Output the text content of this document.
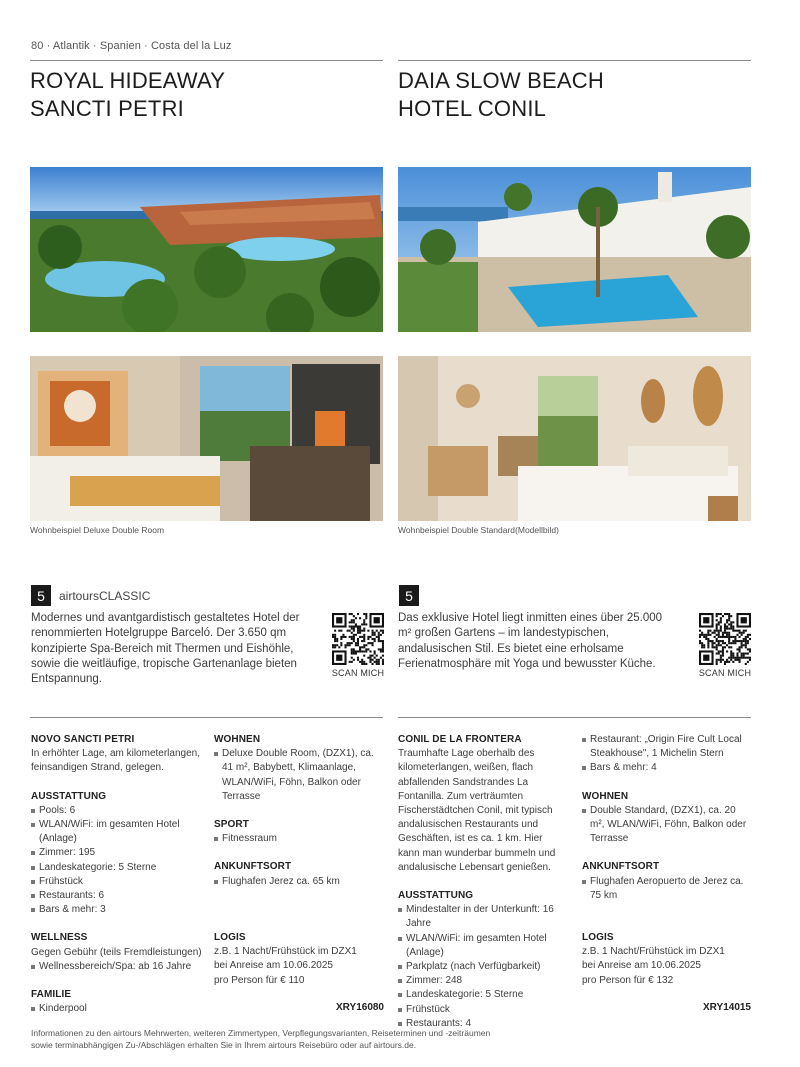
80 · Atlantik · Spanien · Costa del la Luz
ROYAL HIDEAWAY
SANCTI PETRI
DAIA SLOW BEACH
HOTEL CONIL
Wohnbeispiel Deluxe Double Room	Wohnbeispiel Double Standard(Modellbild)
5	airtoursCLASSIC	5
Modernes und avantgardistisch gestaltetes Hotel der renommierten Hotelgruppe Barceló. Der 3.650 qm konzipierte Spa-Bereich mit Thermen und Eishöhle, sowie die weitläufige, tropische Gartenanlage bieten Entspannung.
Das exklusive Hotel liegt inmitten eines über 25.000 m² großen Gartens – im landestypischen, andalusischen Stil. Es bietet eine erholsame Ferienatmosphäre mit Yoga und bewusster Küche.
SCAN MICH	SCAN MICH
NOVO SANCTI PETRI
In erhöhter Lage, am kilometerlangen, feinsandigen Strand, gelegen.
AUSSTATTUNG
Pools: 6
WLAN/WiFi: im gesamten Hotel (Anlage)
Zimmer: 195
Landeskategorie: 5 Sterne
Frühstück
Restaurants: 6
Bars & mehr: 3
WELLNESS
Gegen Gebühr (teils Fremdleistungen)
Wellnessbereich/Spa: ab 16 Jahre
FAMILIE
Kinderpool
WOHNEN
Deluxe Double Room, (DZX1), ca. 41 m², Babybett, Klimaanlage, WLAN/WiFi, Föhn, Balkon oder Terrasse
SPORT
Fitnessraum
ANKUNFTSORT
Flughafen Jerez ca. 65 km
LOGIS
z.B. 1 Nacht/Frühstück im DZX1
bei Anreise am 10.06.2025
pro Person für € 110
XRY16080
CONIL DE LA FRONTERA
Traumhafte Lage oberhalb des kilometerlangen, weißen, flach abfallenden Sandstrandes La Fontanilla. Zum verträumten Fischerstädtchen Conil, mit typisch andalusischen Restaurants und Geschäften, ist es ca. 1 km. Hier kann man wunderbar bummeln und andalusische Lebensart genießen.
AUSSTATTUNG
Mindestalter in der Unterkunft: 16 Jahre
WLAN/WiFi: im gesamten Hotel (Anlage)
Parkplatz (nach Verfügbarkeit)
Zimmer: 248
Landeskategorie: 5 Sterne
Frühstück
Restaurants: 4
Restaurant: „Origin Fire Cult Local Steakhouse", 1 Michelin Stern
Bars & mehr: 4
WOHNEN
Double Standard, (DZX1), ca. 20 m², WLAN/WiFi, Föhn, Balkon oder Terrasse
ANKUNFTSORT
Flughafen Aeropuerto de Jerez ca. 75 km
LOGIS
z.B. 1 Nacht/Frühstück im DZX1
bei Anreise am 10.06.2025
pro Person für € 132
XRY14015
Informationen zu den airtours Mehrwerten, weiteren Zimmertypen, Verpflegungsvarianten, Reiseterminen und -zeiträumen
sowie terminabhängigen Zu-/Abschlägen erhalten Sie in Ihrem airtours Reisebüro oder auf airtours.de.
